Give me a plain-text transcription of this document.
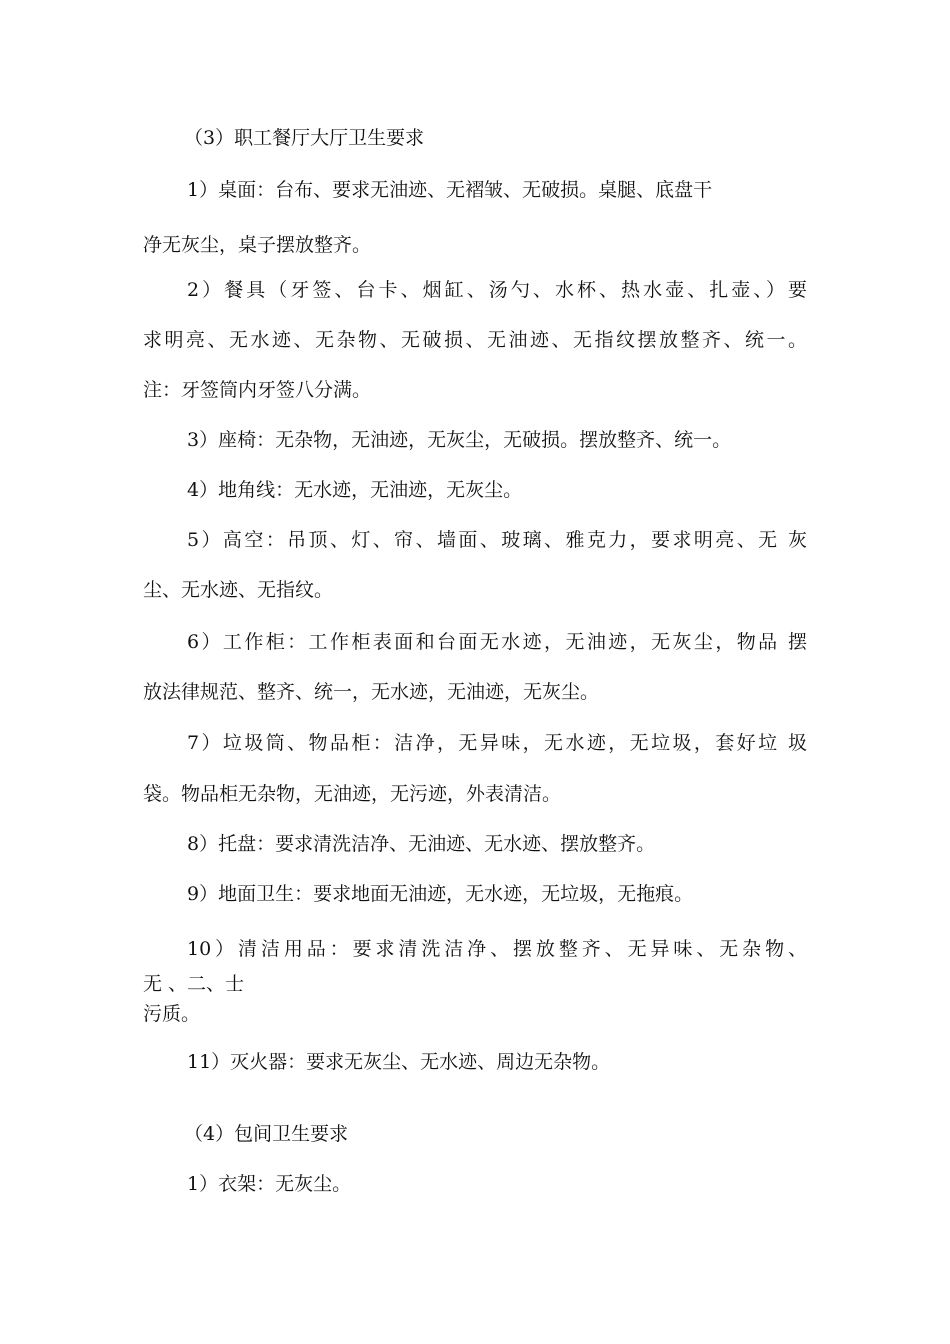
（3）职工餐厅大厅卫生要求
1）桌面：台布、要求无油迹、无褶皱、无破损。桌腿、底盘干
净无灰尘，桌子摆放整齐。
2）餐具（牙签、台卡、烟缸、汤勺、水杯、热水壶、扎壶、）要
求明亮、无水迹、无杂物、无破损、无油迹、无指纹摆放整齐、统一。
注：牙签筒内牙签八分满。
3）座椅：无杂物，无油迹，无灰尘，无破损。摆放整齐、统一。
4）地角线：无水迹，无油迹，无灰尘。
5）高空：吊顶、灯、帘、墙面、玻璃、雅克力，要求明亮、无 灰
尘、无水迹、无指纹。
6）工作柜：工作柜表面和台面无水迹，无油迹，无灰尘，物品 摆
放法律规范、整齐、统一，无水迹，无油迹，无灰尘。
7）垃圾筒、物品柜：洁净，无异味，无水迹，无垃圾，套好垃 圾
袋。物品柜无杂物，无油迹，无污迹，外表清洁。
8）托盘：要求清洗洁净、无油迹、无水迹、摆放整齐。
9）地面卫生：要求地面无油迹，无水迹，无垃圾，无拖痕。
10）清洁用品：要求清洗洁净、摆放整齐、无异味、无杂物、
无 、二、士
污质。
11）灭火器：要求无灰尘、无水迹、周边无杂物。
（4）包间卫生要求
1）衣架：无灰尘。
